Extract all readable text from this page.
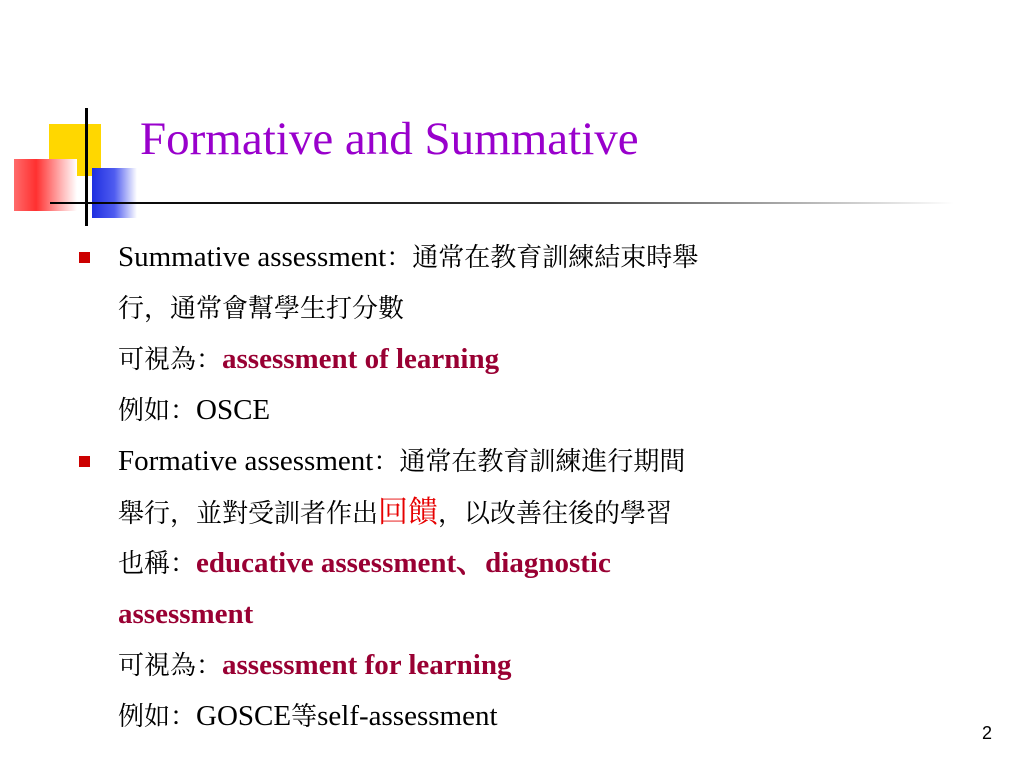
Formative and Summative
Summative assessment：通常在教育訓練結束時舉
行，通常會幫學生打分數
可視為：assessment of learning
例如：OSCE
Formative assessment：通常在教育訓練進行期間
舉行，並對受訓者作出回饋，以改善往後的學習
也稱：educative assessment、diagnostic
assessment
可視為：assessment for learning
例如：GOSCE等self-assessment
2
